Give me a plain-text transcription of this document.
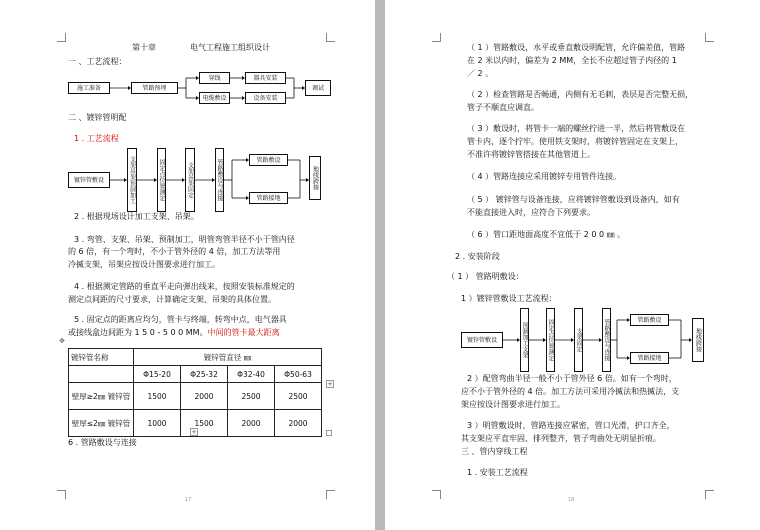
第十章	电气工程施工组织设计
一 、工艺流程：
施工准备	管路预埋
穿线	器具安装
电缆敷设	设备安装
调试
二 、镀锌管明配
1 . 工艺流程
镀锌管敷设	支架吊架预制加工	固定点位置测定	支架吊架固定	管路敷设与连接	管路敷设
管路接地
地线跨接
2 . 根据现场设计加工支架、吊架。
3 . 弯管、支架、吊架、预制加工，明管弯管半径不小于管内径
的 6 倍，有一个弯时，不小于管外径的 4 倍，加工方法等用
冷揻支架，吊架应按设计图要求进行加工。
4 . 根据测定管路的垂直平走向弹出线来，按照安装标准规定的
测定点间距的尺寸要求，计算确定支架、吊架的具体位置。
5 . 固定点的距离应均匀，管卡与终端，转弯中点，电气器具
或接线盒边间距为 1 5 0 - 5 0 0 MM。中间的管卡最大距离
✥
镀锌管名称	镀锌管直径 ㎜			
	Φ15-20	Φ25-32	Φ32-40	Φ50-63
壁厚≥2㎜ 镀锌管	1500	2000	2500	2500
壁厚≤2㎜ 镀锌管	1000	1500	2000	2000
+
+
6 . 管路敷设与连接
17
（ 1 ）管路敷设，水平或垂直敷设明配管，允许偏差值，管路
在 2 米以内时，偏差为 2 MM，全长不应超过管子内径的 1
／ 2 。
（ 2 ）检查管路是否畅通，内侧有无毛刺，表层是否完整无损，
管子不顺直应调直。
（ 3 ）敷设时，将管卡一端的螺丝拧进一半，然后将管敷设在
管卡内，逐个拧牢。使用铁支架时，将镀锌管固定在支架上，
不准许将镀锌管搭接在其他管道上。
（ 4 ）管路连接应采用镀锌专用管件连接。
（ 5 ） 镀锌管与设备连接，应将镀锌管敷设到设备内，如有
不能直接进入时，应符合下列要求。
（ 6 ）管口距地面高度不宜低于 2 0 0 ㎜ 。
2 . 安装阶段
（ 1 ） 管路明敷设：
1 ）镀锌管敷设工艺流程：
镀锌管敷设	预制加工支架	固定点位置测定	支架固定	管路敷设与连接	管路敷设
管路接地
地线跨接
2 ）配管弯曲半径一般不小于管外径 6 倍。如有一个弯时，
应不小于管外径的 4 倍。加工方法可采用冷揻法和热揻法，支
架应按设计图要求进行加工。
3 ）明管敷设时，管路连接应紧密，管口光滑，护口齐全，
其支架应平直牢固、排列整齐，管子弯曲处无明显折痕。
三 、管内穿线工程
1 . 安装工艺流程
18
